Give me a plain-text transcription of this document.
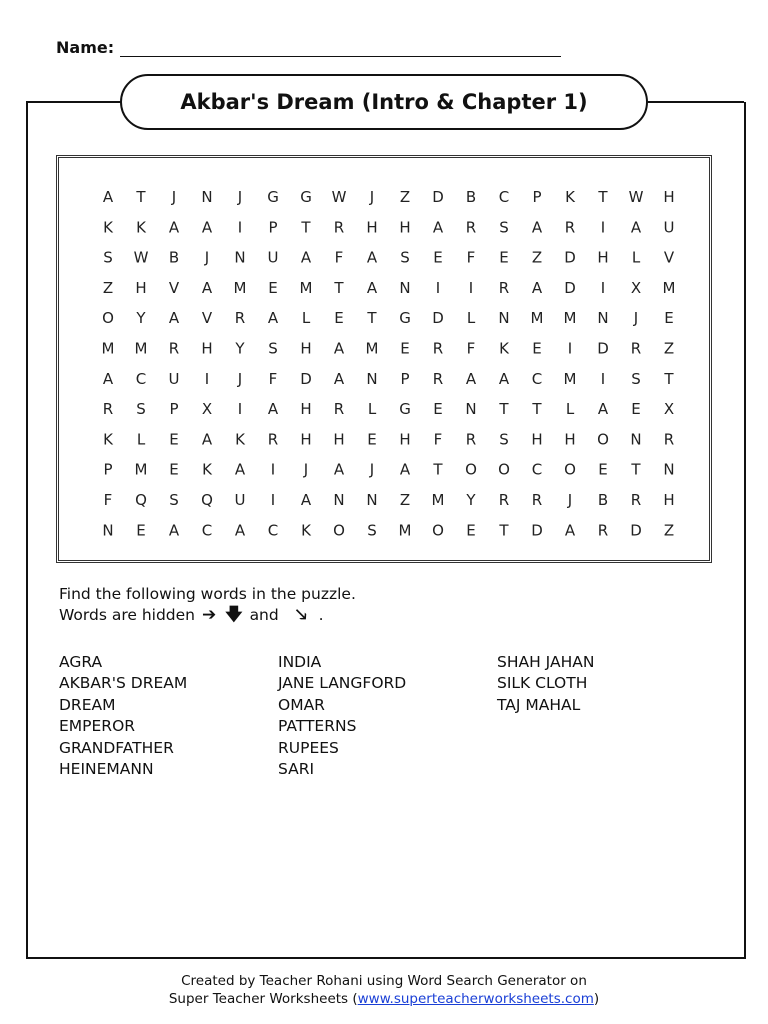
Name:
Akbar's Dream (Intro & Chapter 1)
A T J N J G G W J Z D B C P K T W H
K K A A I P T R H H A R S A R I A U
S W B J N U A F A S E F E Z D H L V
Z H V A M E M T A N I I R A D I X M
O Y A V R A L E T G D L N M M N J E
M M R H Y S H A M E R F K E I D R Z
A C U I J F D A N P R A A C M I S T
R S P X I A H R L G E N T T L A E X
K L E A K R H H E H F R S H H O N R
P M E K A I J A J A T O O C O E T N
F Q S Q U I A N N Z M Y R R J B R H
N E A C A C K O S M O E T D A R D Z
Find the following words in the puzzle.
Words are hidden ➔ 🡇 and 🡖 .
AGRA
AKBAR'S DREAM
DREAM
EMPEROR
GRANDFATHER
HEINEMANN
INDIA
JANE LANGFORD
OMAR
PATTERNS
RUPEES
SARI
SHAH JAHAN
SILK CLOTH
TAJ MAHAL
Created by Teacher Rohani using Word Search Generator on
Super Teacher Worksheets (www.superteacherworksheets.com)
